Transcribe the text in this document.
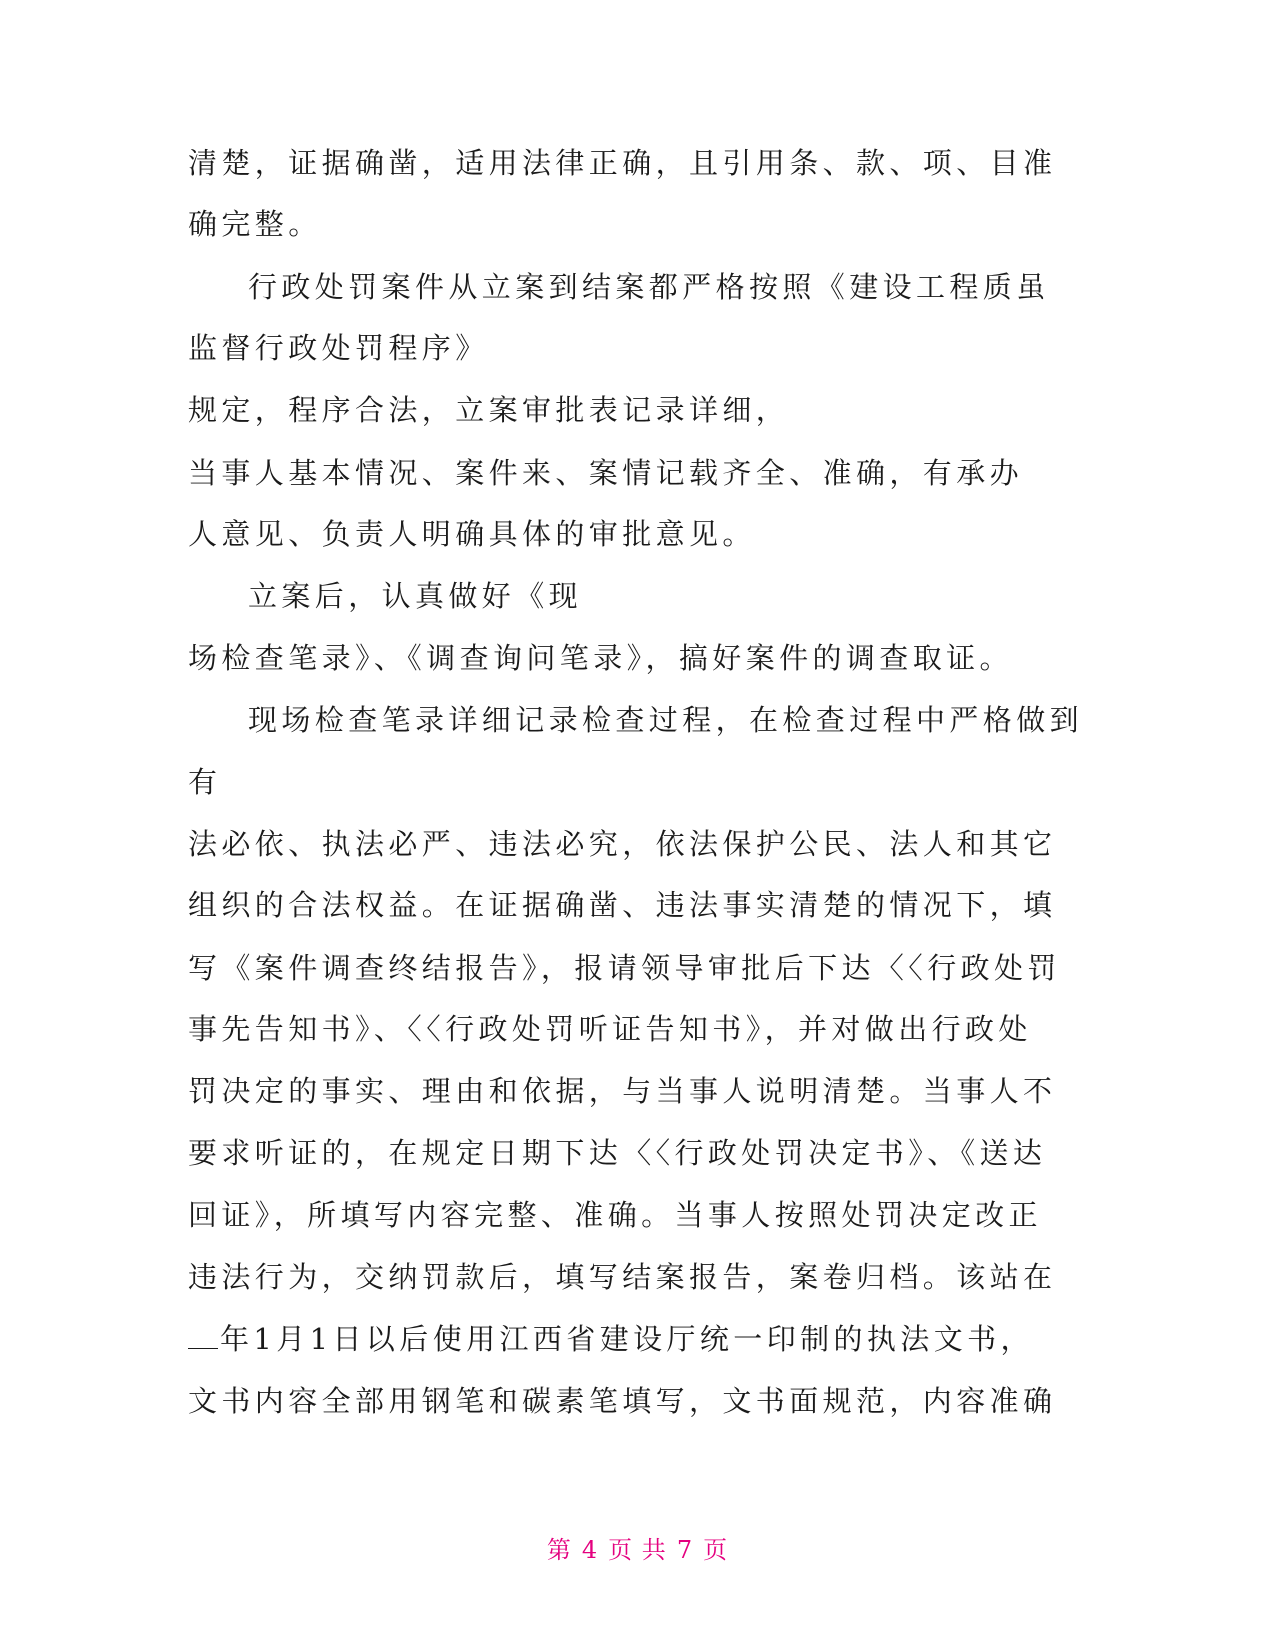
清楚，证据确凿，适用法律正确，且引用条、款、项、目准
确完整。
行政处罚案件从立案到结案都严格按照《建设工程质虽
监督行政处罚程序》
规定，程序合法，立案审批表记录详细，
当事人基本情况、案件来、案情记载齐全、准确，有承办
人意见、负责人明确具体的审批意见。
立案后，认真做好《现
场检查笔录》、《调查询问笔录》，搞好案件的调查取证。
现场检查笔录详细记录检查过程，在检查过程中严格做到
有
法必依、执法必严、违法必究，依法保护公民、法人和其它
组织的合法权益。在证据确凿、违法事实清楚的情况下，填
写《案件调查终结报告》，报请领导审批后下达〈〈行政处罚
事先告知书》、〈〈行政处罚听证告知书》，并对做出行政处
罚决定的事实、理由和依据，与当事人说明清楚。当事人不
要求听证的，在规定日期下达〈〈行政处罚决定书》、《送达
回证》，所填写内容完整、准确。当事人按照处罚决定改正
违法行为，交纳罚款后，填写结案报告，案卷归档。该站在
年1月1日以后使用江西省建设厅统一印制的执法文书，
文书内容全部用钢笔和碳素笔填写，文书面规范，内容准确
第 4 页 共 7 页
